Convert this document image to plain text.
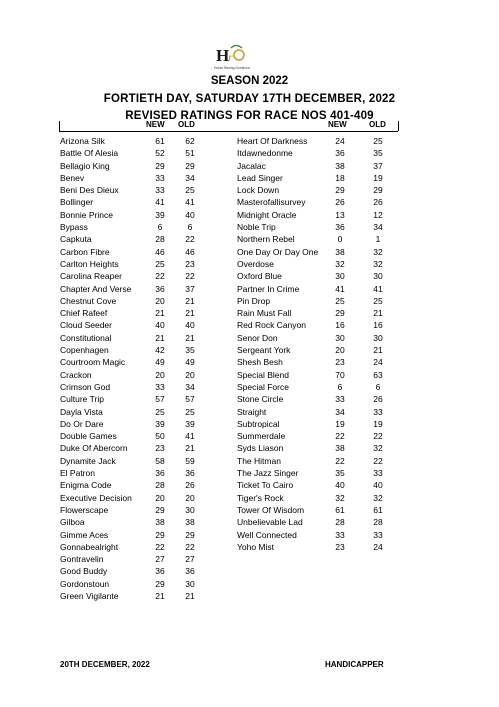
H
r
Horse Racing Dominica
SEASON 2022
FORTIETH DAY, SATURDAY 17TH DECEMBER, 2022
REVISED RATINGS FOR RACE NOS 401-409
NEW OLD	NEW	OLD
Arizona Silk	61	62
Battle Of Alesia	52	51
Bellagio King	29	29
Benev	33	34
Beni Des Dieux	33	25
Bollinger	41	41
Bonnie Prince	39	40
Bypass	6	6
Capkuta	28	22
Carbon Fibre	46	46
Carlton Heights	25	23
Carolina Reaper	22	22
Chapter And Verse	36	37
Chestnut Cove	20	21
Chief Rafeef	21	21
Cloud Seeder	40	40
Constitutional	21	21
Copenhagen	42	35
Courtroom Magic	49	49
Crackon	20	20
Crimson God	33	34
Culture Trip	57	57
Dayla Vista	25	25
Do Or Dare	39	39
Double Games	50	41
Duke Of Abercorn	23	21
Dynamite Jack	58	59
El Patron	36	36
Enigma Code	28	26
Executive Decision	20	20
Flowerscape	29	30
Gilboa	38	38
Gimme Aces	29	29
Gonnabealright	22	22
Gontravelin	27	27
Good Buddy	36	36
Gordonstoun	29	30
Green Vigilante	21	21
Heart Of Darkness	24	25
Itdawnedonme	36	35
Jacalac	38	37
Lead Singer	18	19
Lock Down	29	29
Masterofallisurvey	26	26
Midnight Oracle	13	12
Noble Trip	36	34
Northern Rebel	0	1
One Day Or Day One	38	32
Overdose	32	32
Oxford Blue	30	30
Partner In Crime	41	41
Pin Drop	25	25
Rain Must Fall	29	21
Red Rock Canyon	16	16
Senor Don	30	30
Sergeant York	20	21
Shesh Besh	23	24
Special Blend	70	63
Special Force	6	6
Stone Circle	33	26
Straight	34	33
Subtropical	19	19
Summerdale	22	22
Syds Liason	38	32
The Hitman	22	22
The Jazz Singer	35	33
Ticket To Cairo	40	40
Tiger's Rock	32	32
Tower Of Wisdom	61	61
Unbelievable Lad	28	28
Well Connected	33	33
Yoho Mist	23	24
20TH DECEMBER, 2022	HANDICAPPER
